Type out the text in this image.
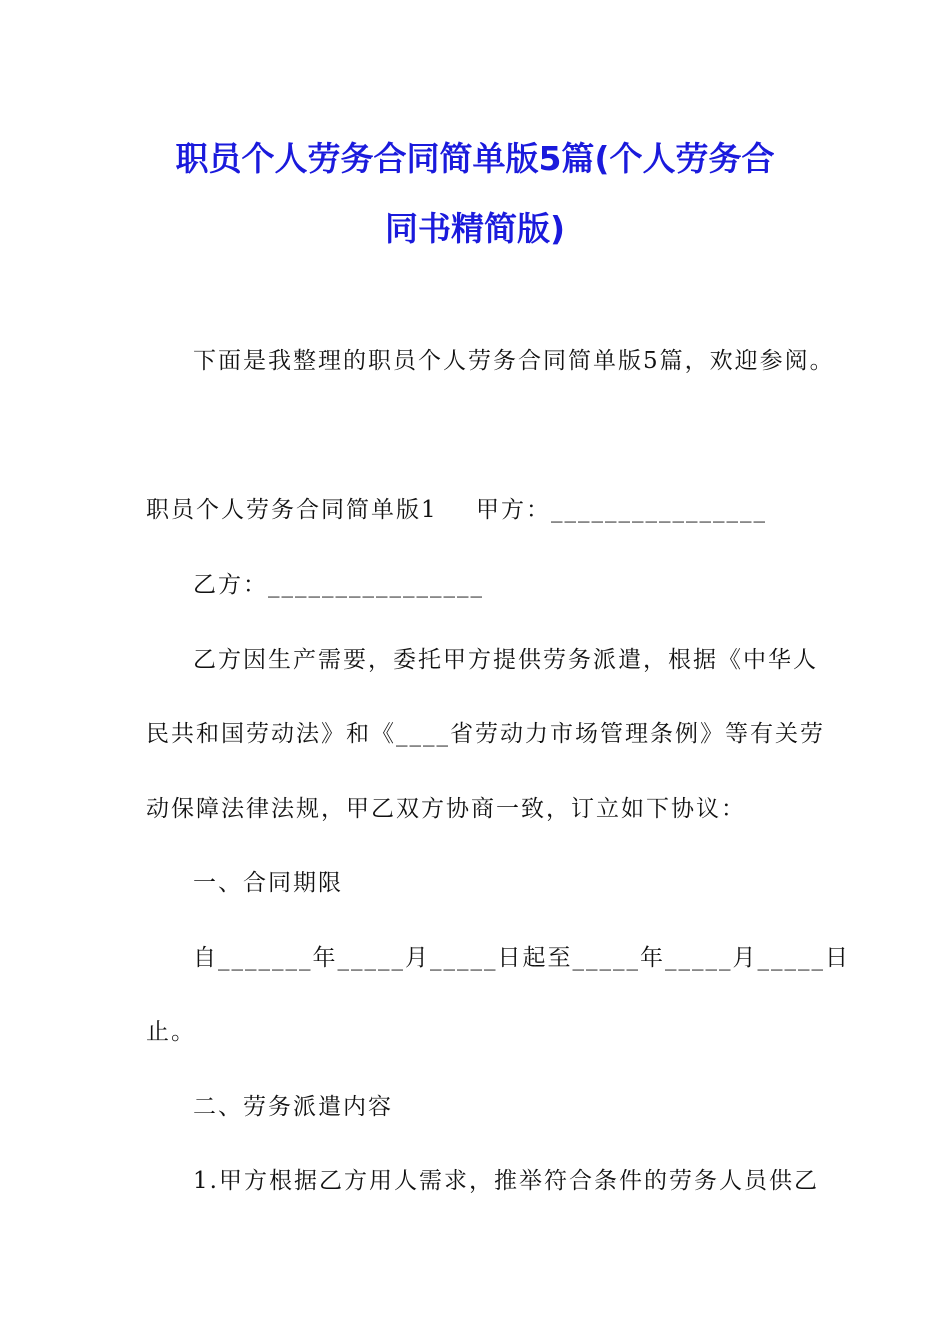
职员个人劳务合同简单版5篇(个人劳务合
同书精简版)
下面是我整理的职员个人劳务合同简单版5篇，欢迎参阅。
职员个人劳务合同简单版1 甲方：________________
乙方：________________
乙方因生产需要，委托甲方提供劳务派遣，根据《中华人
民共和国劳动法》和《____省劳动力市场管理条例》等有关劳
动保障法律法规，甲乙双方协商一致，订立如下协议：
一、合同期限
自_______年_____月_____日起至_____年_____月_____日
止。
二、劳务派遣内容
1.甲方根据乙方用人需求，推举符合条件的劳务人员供乙
